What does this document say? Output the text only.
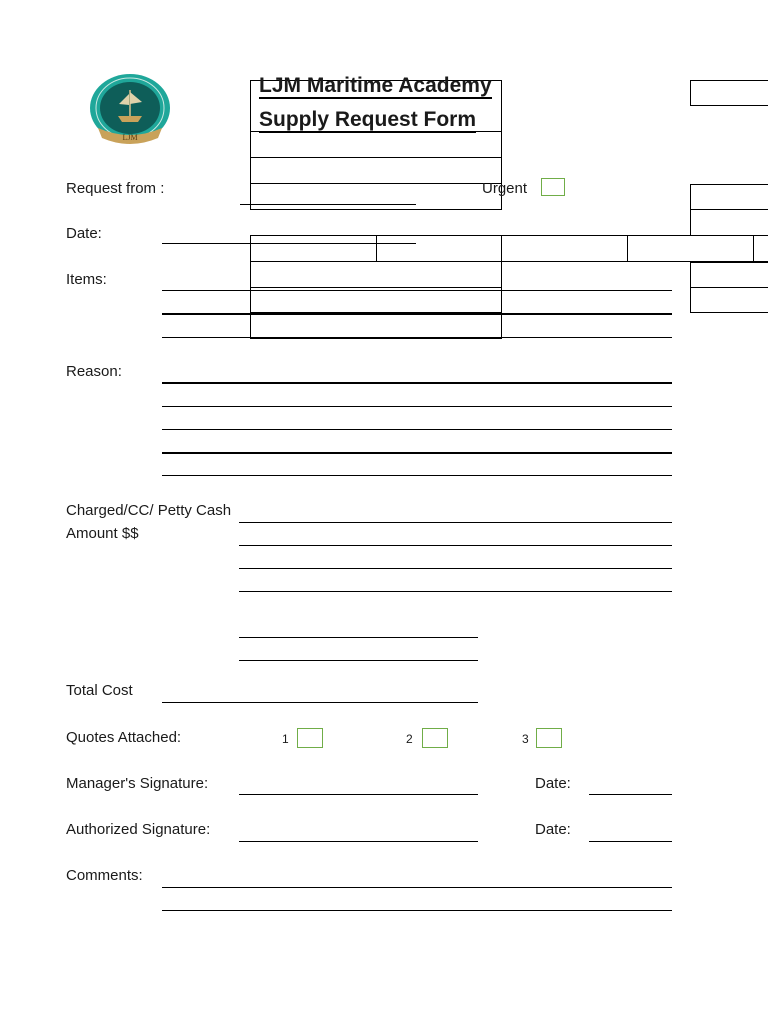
LJM
LJM Maritime Academy
Supply Request Form
Request from :	Urgent
Date:
Items:
Reason:
Charged/CC/ Petty Cash
Amount $$
Total Cost
Quotes Attached:	1	2	3
Manager's Signature:	Date:
Authorized Signature:	Date:
Comments:
